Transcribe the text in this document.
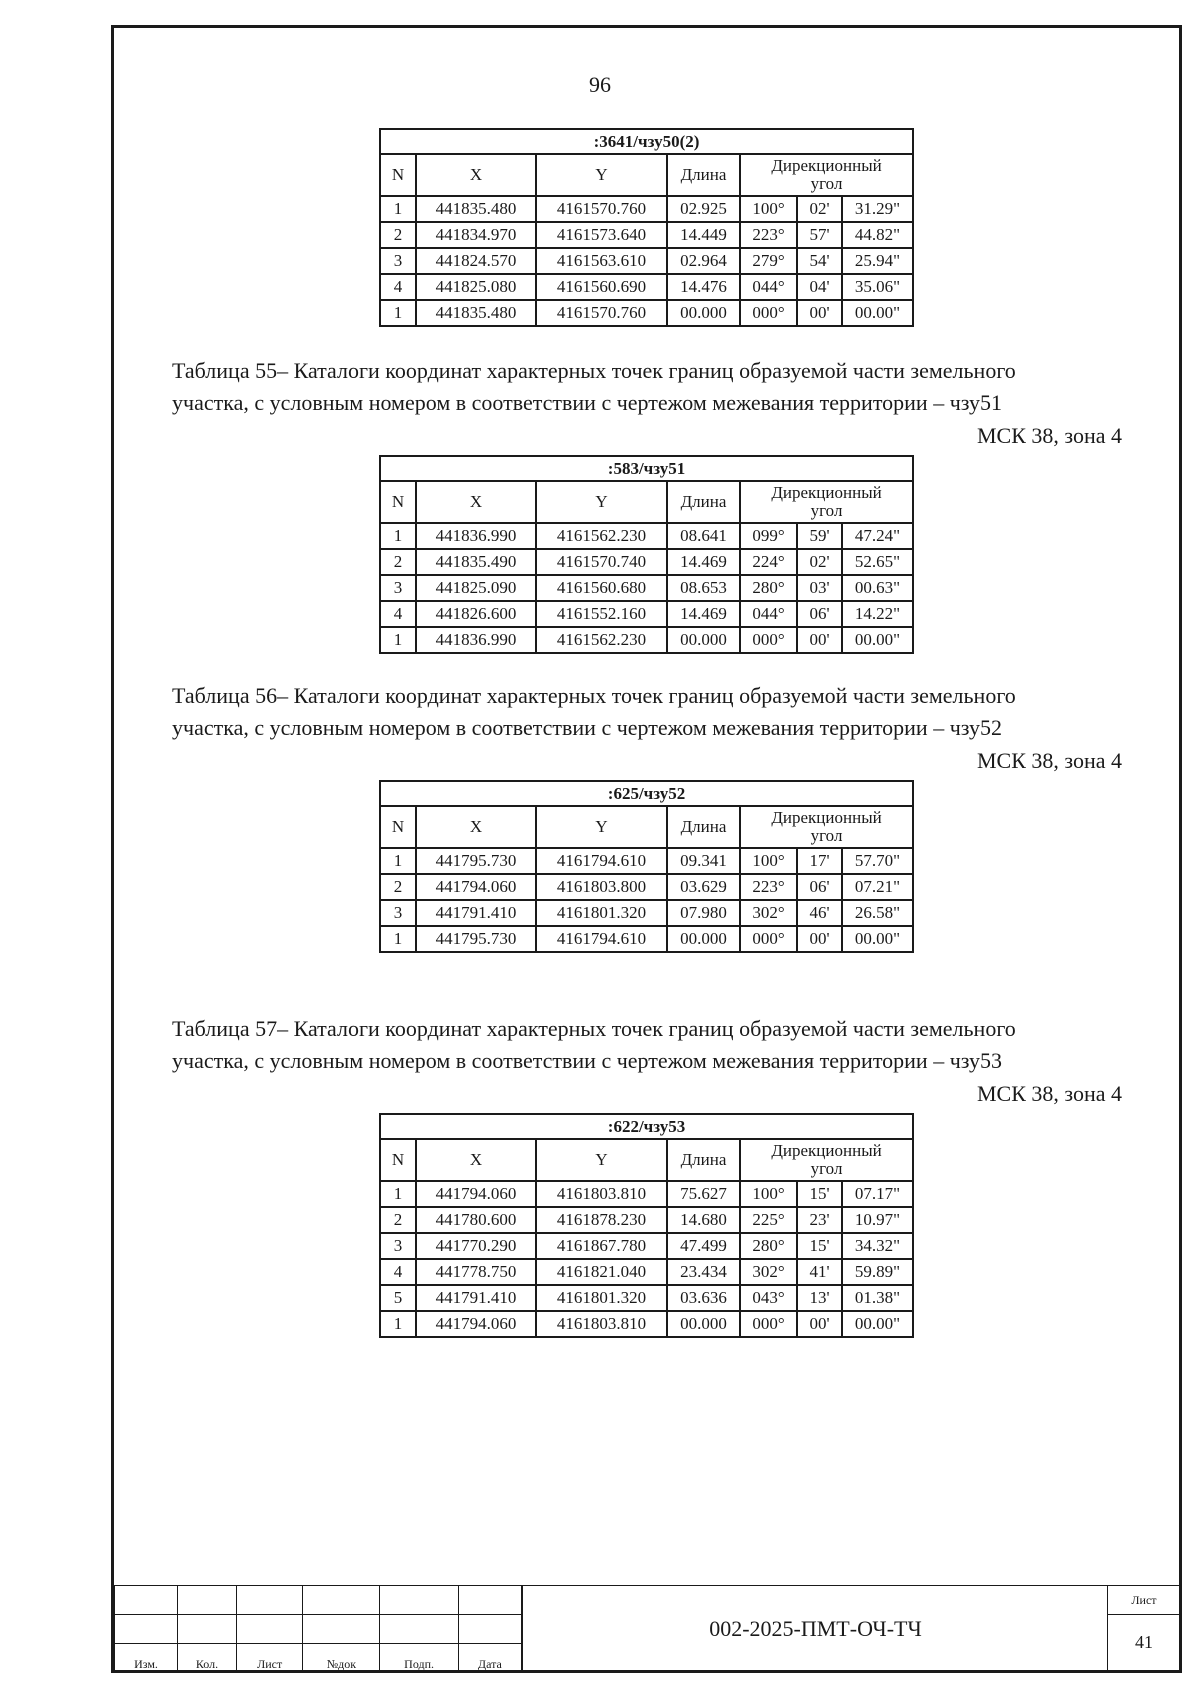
96
:3641/чзу50(2)						
N	X	Y	Длина	Дирекционный
угол		

1	441835.480	4161570.760	02.925	100°	02'	31.29"
2	441834.970	4161573.640	14.449	223°	57'	44.82"
3	441824.570	4161563.610	02.964	279°	54'	25.94"
4	441825.080	4161560.690	14.476	044°	04'	35.06"
1	441835.480	4161570.760	00.000	000°	00'	00.00"
Таблица 55– Каталоги координат характерных точек границ образуемой части земельного
участка, с условным номером в соответствии с чертежом межевания территории – чзу51
МСК 38, зона 4
:583/чзу51						
N	X	Y	Длина	Дирекционный
угол		

1	441836.990	4161562.230	08.641	099°	59'	47.24"
2	441835.490	4161570.740	14.469	224°	02'	52.65"
3	441825.090	4161560.680	08.653	280°	03'	00.63"
4	441826.600	4161552.160	14.469	044°	06'	14.22"
1	441836.990	4161562.230	00.000	000°	00'	00.00"
Таблица 56– Каталоги координат характерных точек границ образуемой части земельного
участка, с условным номером в соответствии с чертежом межевания территории – чзу52
МСК 38, зона 4
:625/чзу52						
N	X	Y	Длина	Дирекционный
угол		

1	441795.730	4161794.610	09.341	100°	17'	57.70"
2	441794.060	4161803.800	03.629	223°	06'	07.21"
3	441791.410	4161801.320	07.980	302°	46'	26.58"
1	441795.730	4161794.610	00.000	000°	00'	00.00"
Таблица 57– Каталоги координат характерных точек границ образуемой части земельного
участка, с условным номером в соответствии с чертежом межевания территории – чзу53
МСК 38, зона 4
:622/чзу53						
N	X	Y	Длина	Дирекционный
угол		

1	441794.060	4161803.810	75.627	100°	15'	07.17"
2	441780.600	4161878.230	14.680	225°	23'	10.97"
3	441770.290	4161867.780	47.499	280°	15'	34.32"
4	441778.750	4161821.040	23.434	302°	41'	59.89"
5	441791.410	4161801.320	03.636	043°	13'	01.38"
1	441794.060	4161803.810	00.000	000°	00'	00.00"

Изм.	Кол.	Лист	№док	Подп.	Дата
002-2025-ПМТ-ОЧ-ТЧ
Лист
41
